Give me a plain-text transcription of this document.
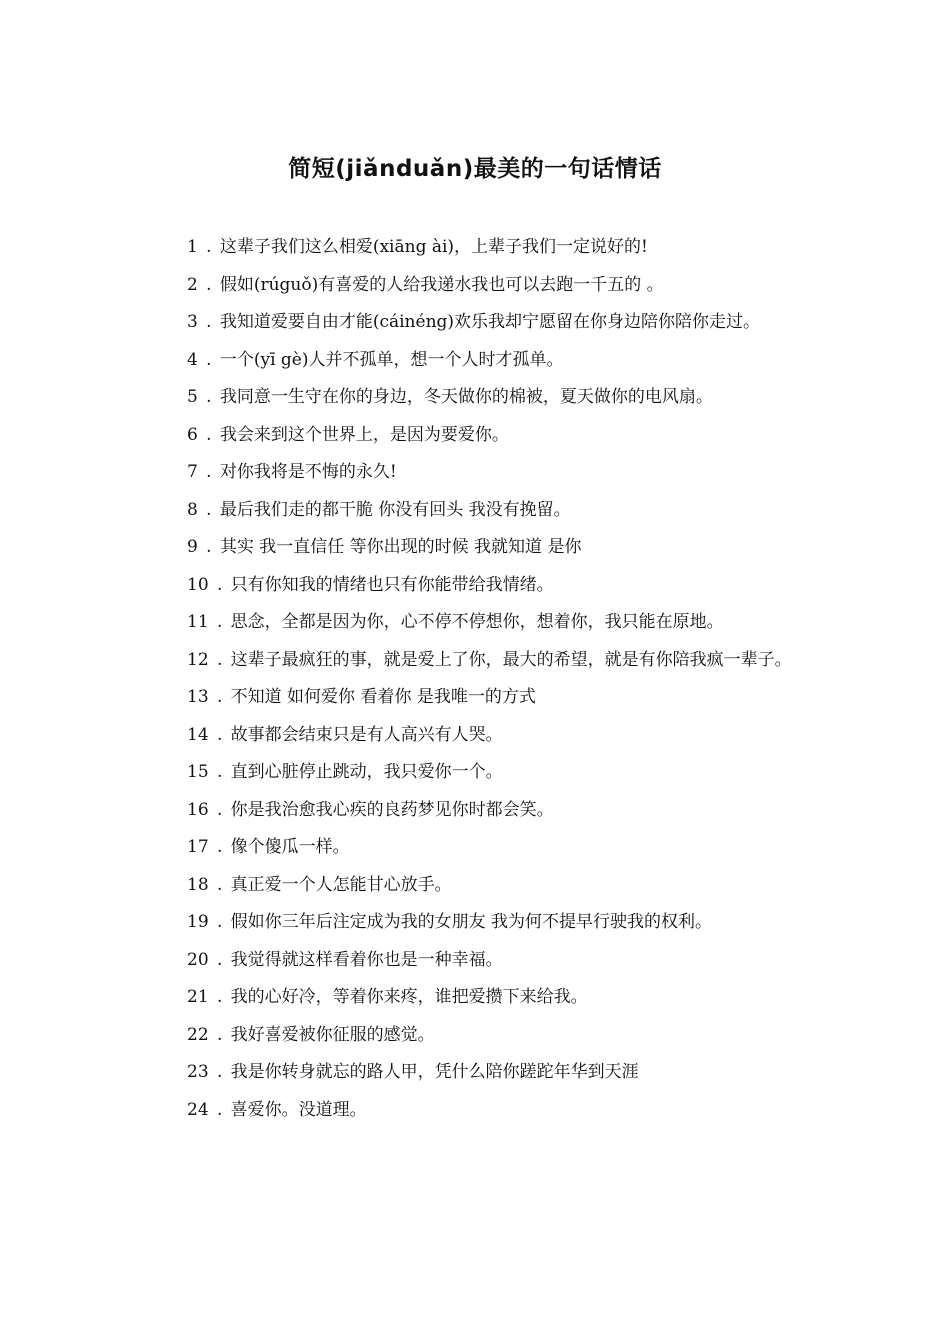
简短(jiǎnduǎn)最美的一句话情话
1 . 这辈子我们这么相爱(xiāng ài)，上辈子我们一定说好的!
2 . 假如(rúguǒ)有喜爱的人给我递水我也可以去跑一千五的 。
3 . 我知道爱要自由才能(cáinéng)欢乐我却宁愿留在你身边陪你陪你走过。
4 . 一个(yī gè)人并不孤单，想一个人时才孤单。
5 . 我同意一生守在你的身边，冬天做你的棉被，夏天做你的电风扇。
6 . 我会来到这个世界上，是因为要爱你。
7 . 对你我将是不悔的永久!
8 . 最后我们走的都干脆 你没有回头 我没有挽留。
9 . 其实 我一直信任 等你出现的时候 我就知道 是你
10 . 只有你知我的情绪也只有你能带给我情绪。
11 . 思念，全都是因为你，心不停不停想你，想着你，我只能在原地。
12 . 这辈子最疯狂的事，就是爱上了你，最大的希望，就是有你陪我疯一辈子。
13 . 不知道 如何爱你 看着你 是我唯一的方式
14 . 故事都会结束只是有人高兴有人哭。
15 . 直到心脏停止跳动，我只爱你一个。
16 . 你是我治愈我心疾的良药梦见你时都会笑。
17 . 像个傻瓜一样。
18 . 真正爱一个人怎能甘心放手。
19 . 假如你三年后注定成为我的女朋友 我为何不提早行驶我的权利。
20 . 我觉得就这样看着你也是一种幸福。
21 . 我的心好冷，等着你来疼，谁把爱攒下来给我。
22 . 我好喜爱被你征服的感觉。
23 . 我是你转身就忘的路人甲，凭什么陪你蹉跎年华到天涯
24 . 喜爱你。没道理。
